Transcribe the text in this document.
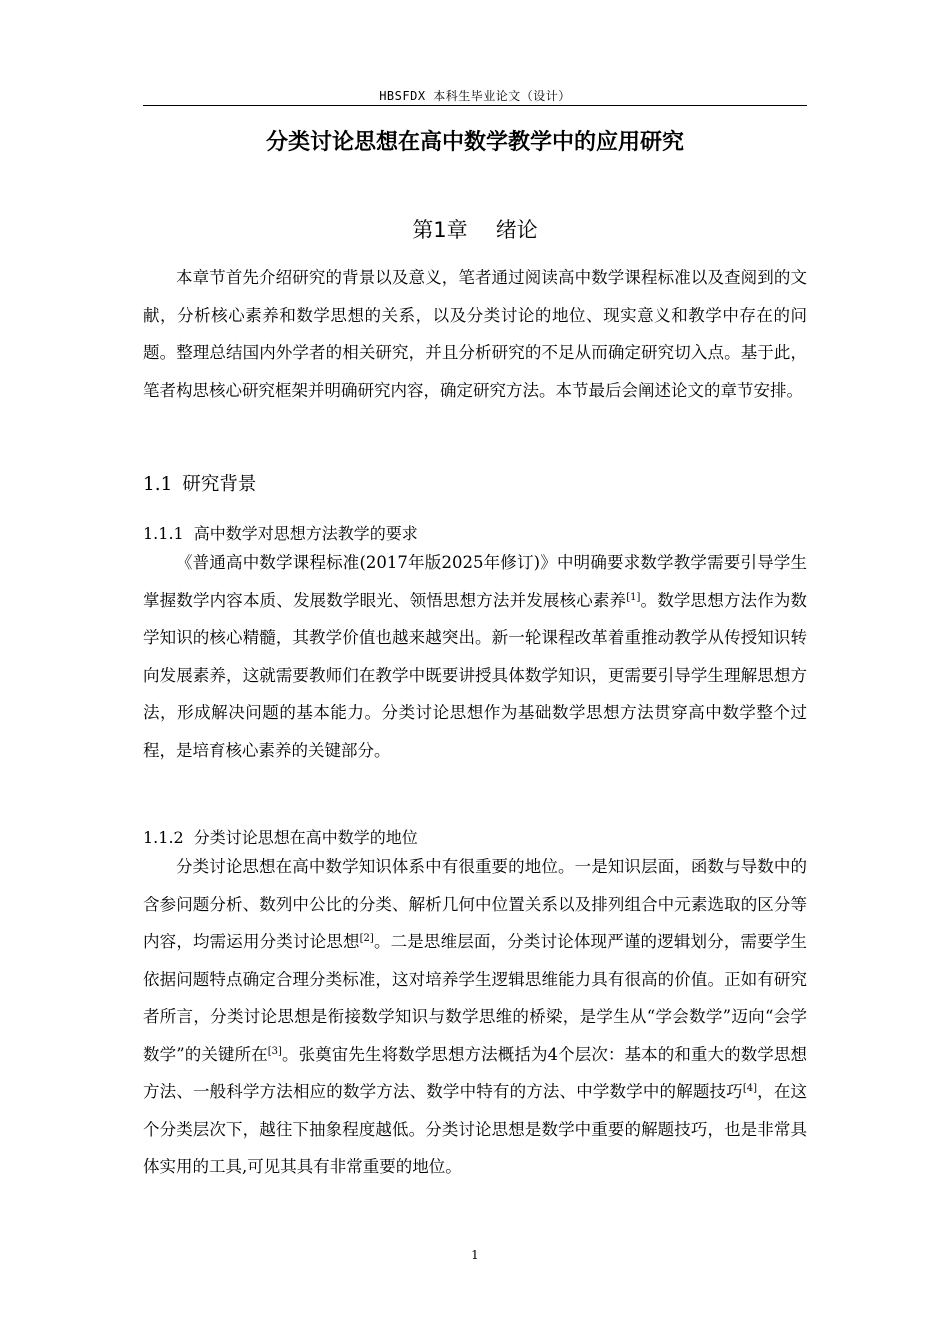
HBSFDX 本科生毕业论文（设计）
分类讨论思想在高中数学教学中的应用研究
第1章 绪论

本章节首先介绍研究的背景以及意义，笔者通过阅读高中数学课程标准以及查阅到的文献，分析核心素养和数学思想的关系，以及分类讨论的地位、现实意义和教学中存在的问题。整理总结国内外学者的相关研究，并且分析研究的不足从而确定研究切入点。基于此，笔者构思核心研究框架并明确研究内容，确定研究方法。本节最后会阐述论文的章节安排。

1.1 研究背景
1.1.1 高中数学对思想方法教学的要求

《普通高中数学课程标准(2017年版2025年修订)》中明确要求数学教学需要引导学生掌握数学内容本质、发展数学眼光、领悟思想方法并发展核心素养[1]。数学思想方法作为数学知识的核心精髓，其教学价值也越来越突出。新一轮课程改革着重推动教学从传授知识转向发展素养，这就需要教师们在教学中既要讲授具体数学知识，更需要引导学生理解思想方法，形成解决问题的基本能力。分类讨论思想作为基础数学思想方法贯穿高中数学整个过程，是培育核心素养的关键部分。

1.1.2 分类讨论思想在高中数学的地位

分类讨论思想在高中数学知识体系中有很重要的地位。一是知识层面，函数与导数中的含参问题分析、数列中公比的分类、解析几何中位置关系以及排列组合中元素选取的区分等内容，均需运用分类讨论思想[2]。二是思维层面，分类讨论体现严谨的逻辑划分，需要学生依据问题特点确定合理分类标准，这对培养学生逻辑思维能力具有很高的价值。正如有研究者所言，分类讨论思想是衔接数学知识与数学思维的桥梁，是学生从“学会数学”迈向“会学数学”的关键所在[3]。张奠宙先生将数学思想方法概括为4个层次：基本的和重大的数学思想方法、一般科学方法相应的数学方法、数学中特有的方法、中学数学中的解题技巧[4]，在这个分类层次下，越往下抽象程度越低。分类讨论思想是数学中重要的解题技巧，也是非常具体实用的工具,可见其具有非常重要的地位。

1
